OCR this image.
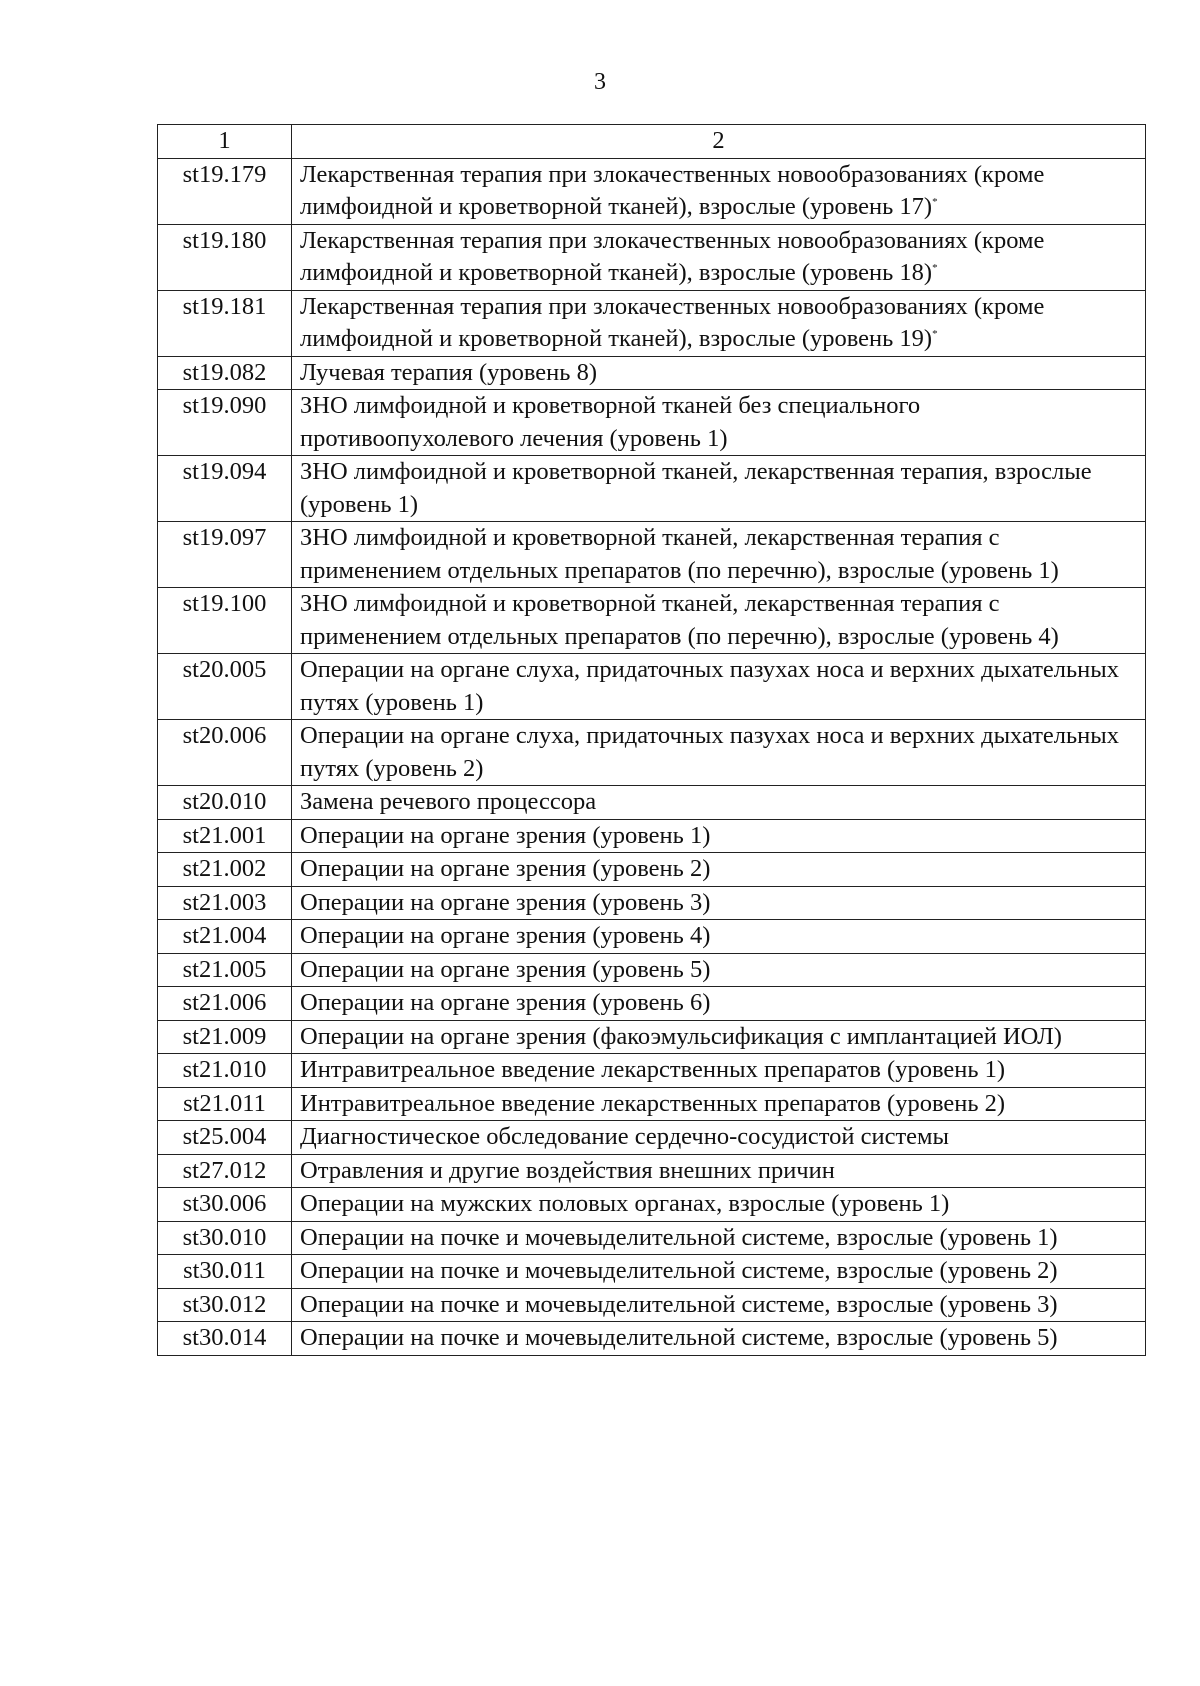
3
1	2
st19.179	Лекарственная терапия при злокачественных новообразованиях (кроме лимфоидной и кроветворной тканей), взрослые (уровень 17)*
st19.180	Лекарственная терапия при злокачественных новообразованиях (кроме лимфоидной и кроветворной тканей), взрослые (уровень 18)*
st19.181	Лекарственная терапия при злокачественных новообразованиях (кроме лимфоидной и кроветворной тканей), взрослые (уровень 19)*
st19.082	Лучевая терапия (уровень 8)
st19.090	ЗНО лимфоидной и кроветворной тканей без специального противоопухолевого лечения (уровень 1)
st19.094	ЗНО лимфоидной и кроветворной тканей, лекарственная терапия, взрослые (уровень 1)
st19.097	ЗНО лимфоидной и кроветворной тканей, лекарственная терапия с применением отдельных препаратов (по перечню), взрослые (уровень 1)
st19.100	ЗНО лимфоидной и кроветворной тканей, лекарственная терапия с применением отдельных препаратов (по перечню), взрослые (уровень 4)
st20.005	Операции на органе слуха, придаточных пазухах носа и верхних дыхательных путях (уровень 1)
st20.006	Операции на органе слуха, придаточных пазухах носа и верхних дыхательных путях (уровень 2)
st20.010	Замена речевого процессора
st21.001	Операции на органе зрения (уровень 1)
st21.002	Операции на органе зрения (уровень 2)
st21.003	Операции на органе зрения (уровень 3)
st21.004	Операции на органе зрения (уровень 4)
st21.005	Операции на органе зрения (уровень 5)
st21.006	Операции на органе зрения (уровень 6)
st21.009	Операции на органе зрения (факоэмульсификация с имплантацией ИОЛ)
st21.010	Интравитреальное введение лекарственных препаратов (уровень 1)
st21.011	Интравитреальное введение лекарственных препаратов (уровень 2)
st25.004	Диагностическое обследование сердечно-сосудистой системы
st27.012	Отравления и другие воздействия внешних причин
st30.006	Операции на мужских половых органах, взрослые (уровень 1)
st30.010	Операции на почке и мочевыделительной системе, взрослые (уровень 1)
st30.011	Операции на почке и мочевыделительной системе, взрослые (уровень 2)
st30.012	Операции на почке и мочевыделительной системе, взрослые (уровень 3)
st30.014	Операции на почке и мочевыделительной системе, взрослые (уровень 5)
